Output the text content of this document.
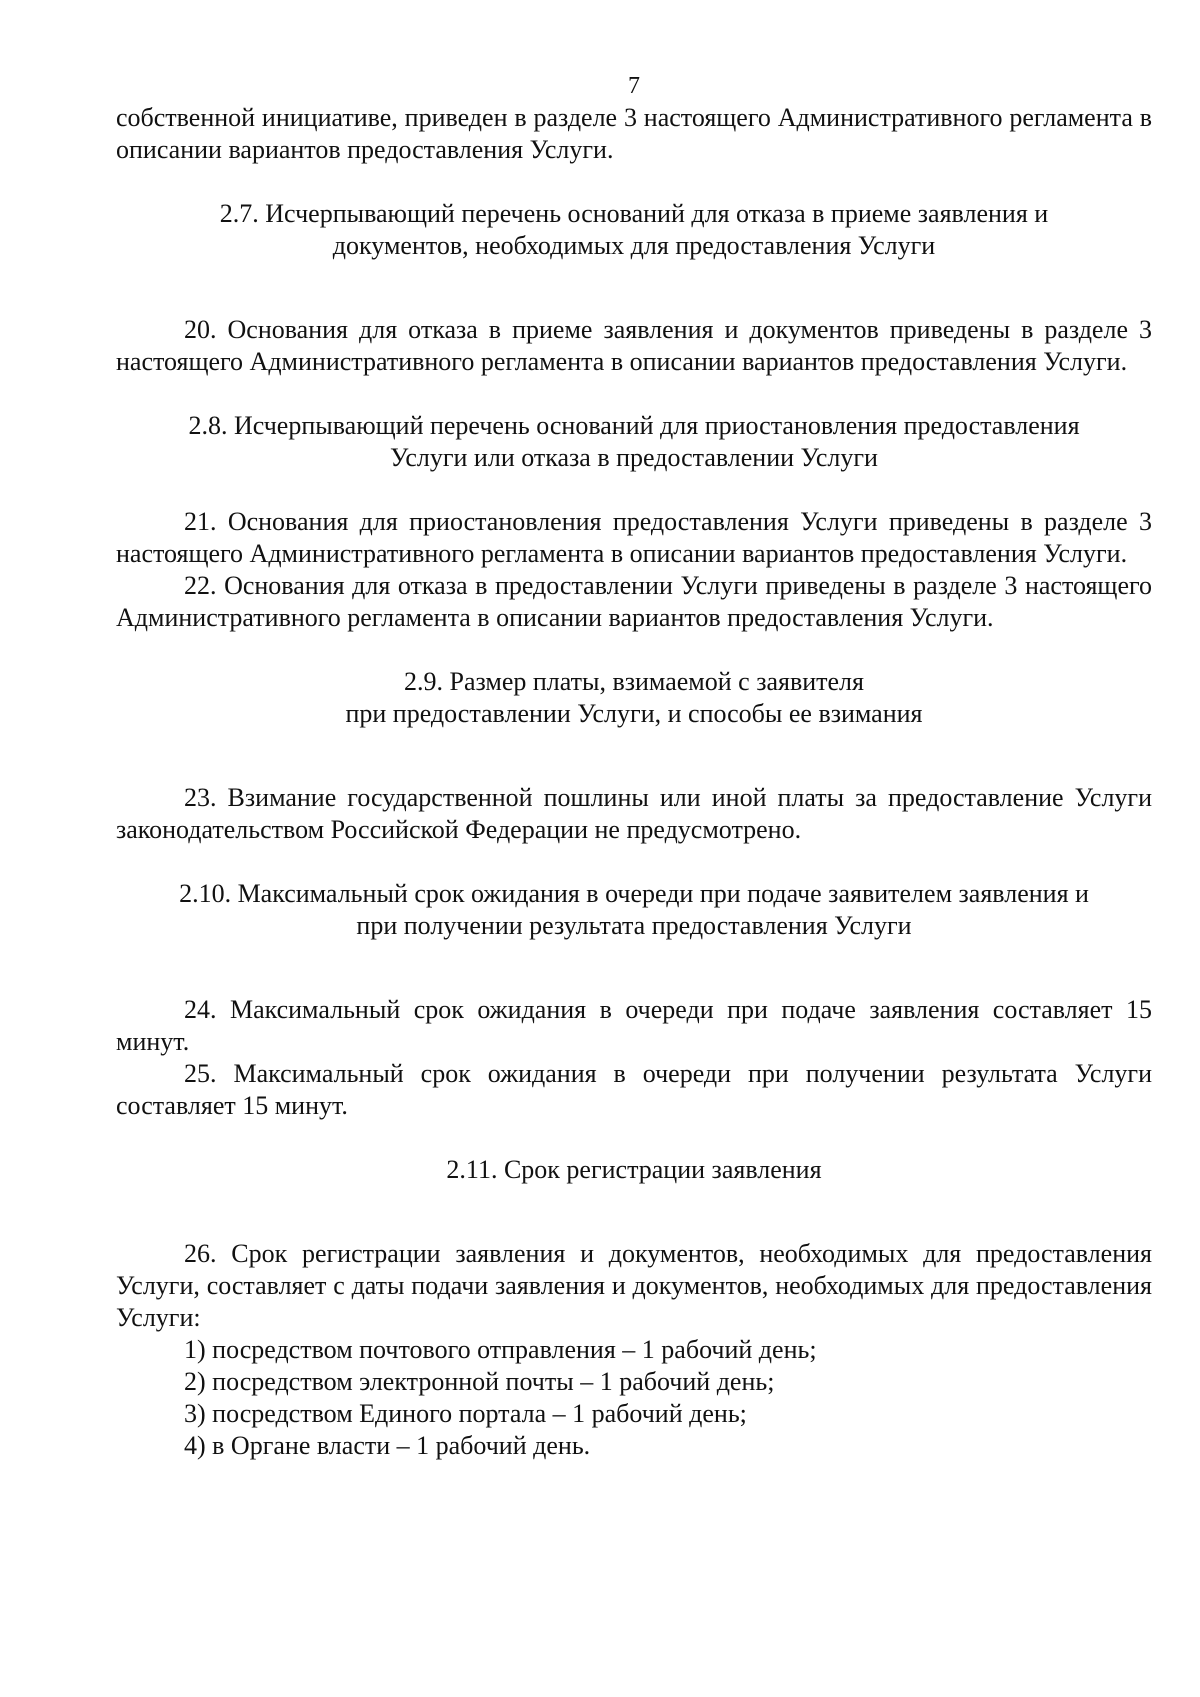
7

собственной инициативе, приведен в разделе 3 настоящего Административного регламента в описании вариантов предоставления Услуги.

2.7. Исчерпывающий перечень оснований для отказа в приеме заявления и
документов, необходимых для предоставления Услуги

20. Основания для отказа в приеме заявления и документов приведены в разделе 3 настоящего Административного регламента в описании вариантов предоставления Услуги.

2.8. Исчерпывающий перечень оснований для приостановления предоставления
Услуги или отказа в предоставлении Услуги

21. Основания для приостановления предоставления Услуги приведены в разделе 3 настоящего Административного регламента в описании вариантов предоставления Услуги.

22. Основания для отказа в предоставлении Услуги приведены в разделе 3 настоящего Административного регламента в описании вариантов предоставления Услуги.

2.9. Размер платы, взимаемой с заявителя
при предоставлении Услуги, и способы ее взимания

23. Взимание государственной пошлины или иной платы за предоставление Услуги законодательством Российской Федерации не предусмотрено.

2.10. Максимальный срок ожидания в очереди при подаче заявителем заявления и
при получении результата предоставления Услуги

24. Максимальный срок ожидания в очереди при подаче заявления составляет 15 минут.

25. Максимальный срок ожидания в очереди при получении результата Услуги составляет 15 минут.

2.11. Срок регистрации заявления

26. Срок регистрации заявления и документов, необходимых для предоставления Услуги, составляет с даты подачи заявления и документов, необходимых для предоставления Услуги:

1) посредством почтового отправления – 1 рабочий день;

2) посредством электронной почты – 1 рабочий день;

3) посредством Единого портала – 1 рабочий день;

4) в Органе власти – 1 рабочий день.
